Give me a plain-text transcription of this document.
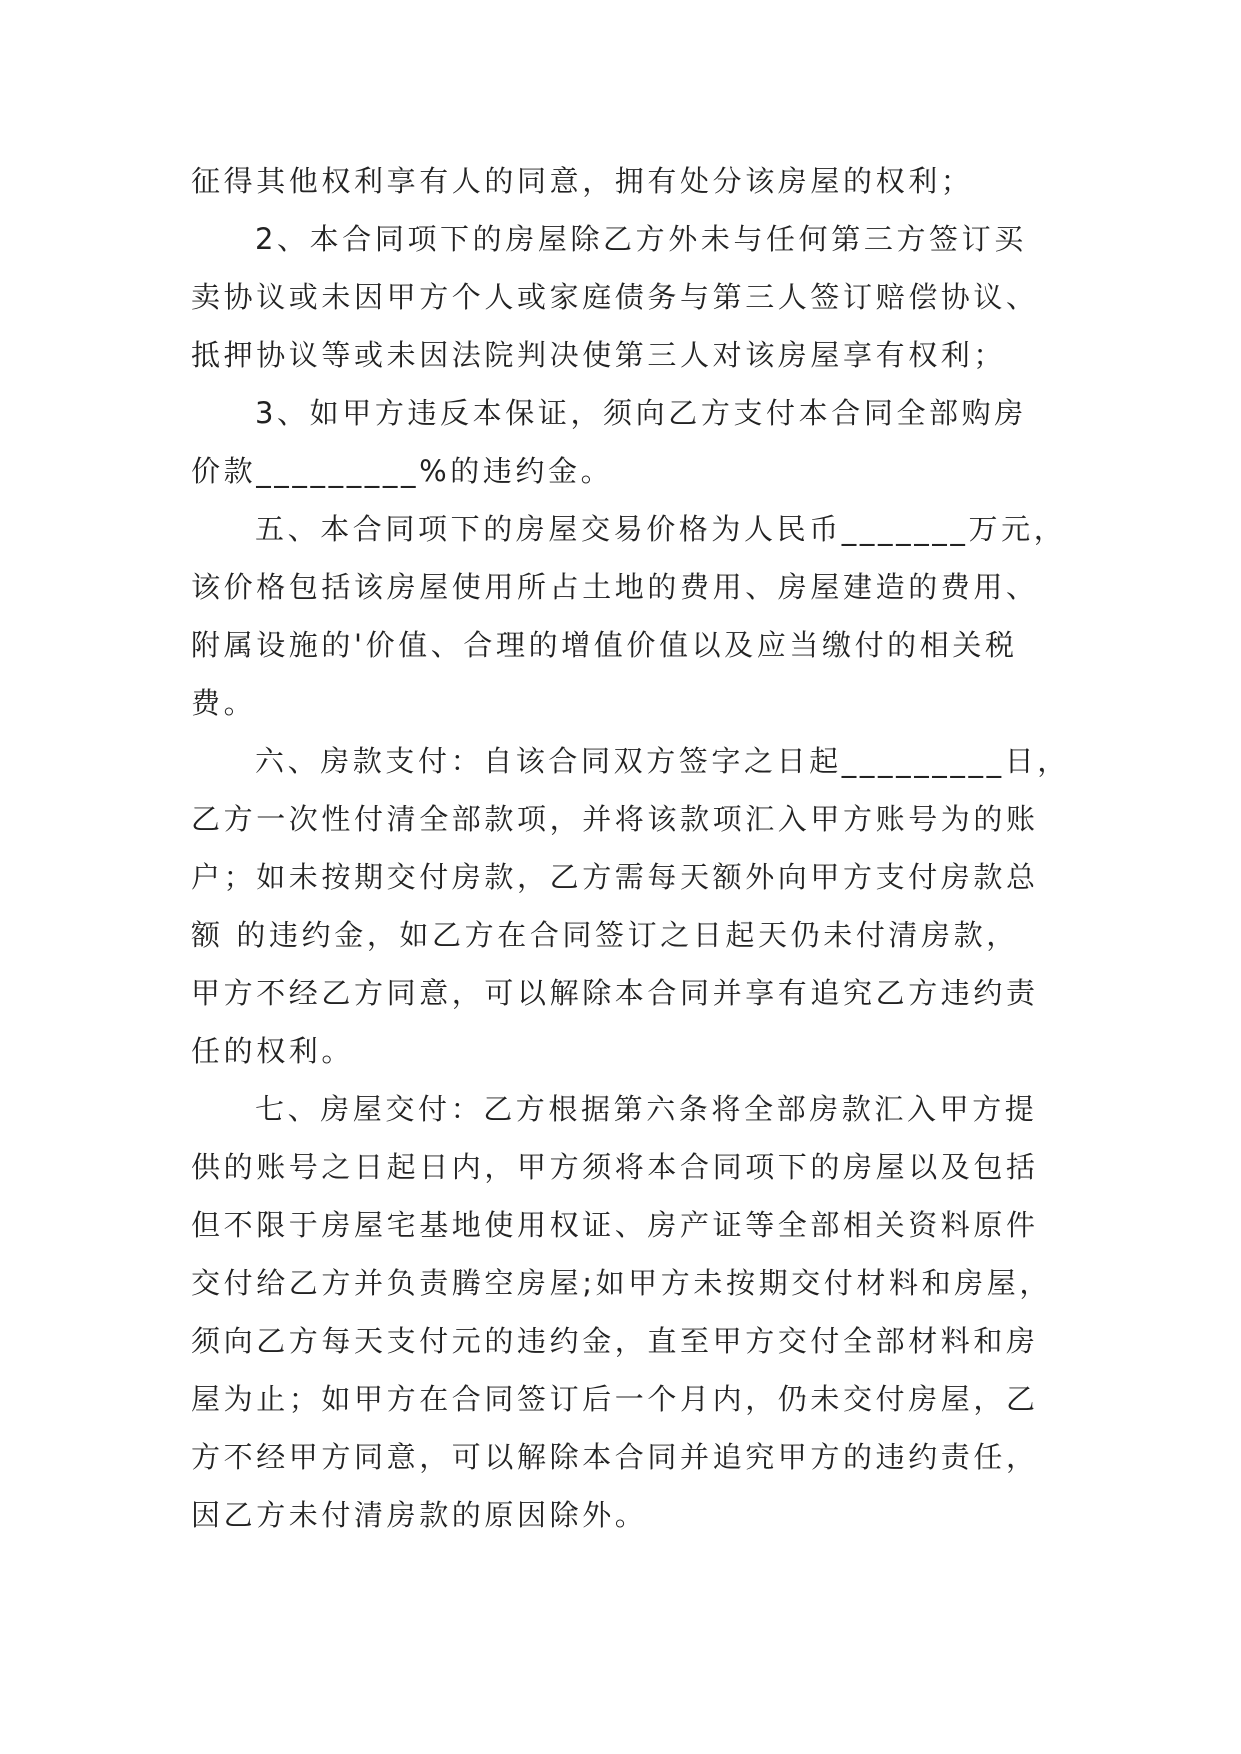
征得其他权利享有人的同意，拥有处分该房屋的权利；
2、本合同项下的房屋除乙方外未与任何第三方签订买
卖协议或未因甲方个人或家庭债务与第三人签订赔偿协议、
抵押协议等或未因法院判决使第三人对该房屋享有权利；
3、如甲方违反本保证，须向乙方支付本合同全部购房
价款_________%的违约金。
五、本合同项下的房屋交易价格为人民币_______万元，
该价格包括该房屋使用所占土地的费用、房屋建造的费用、
附属设施的'价值、合理的增值价值以及应当缴付的相关税
费。
六、房款支付：自该合同双方签字之日起_________日，
乙方一次性付清全部款项，并将该款项汇入甲方账号为的账
户；如未按期交付房款，乙方需每天额外向甲方支付房款总
额 的违约金，如乙方在合同签订之日起天仍未付清房款，
甲方不经乙方同意，可以解除本合同并享有追究乙方违约责
任的权利。
七、房屋交付：乙方根据第六条将全部房款汇入甲方提
供的账号之日起日内，甲方须将本合同项下的房屋以及包括
但不限于房屋宅基地使用权证、房产证等全部相关资料原件
交付给乙方并负责腾空房屋;如甲方未按期交付材料和房屋，
须向乙方每天支付元的违约金，直至甲方交付全部材料和房
屋为止；如甲方在合同签订后一个月内，仍未交付房屋，乙
方不经甲方同意，可以解除本合同并追究甲方的违约责任，
因乙方未付清房款的原因除外。
